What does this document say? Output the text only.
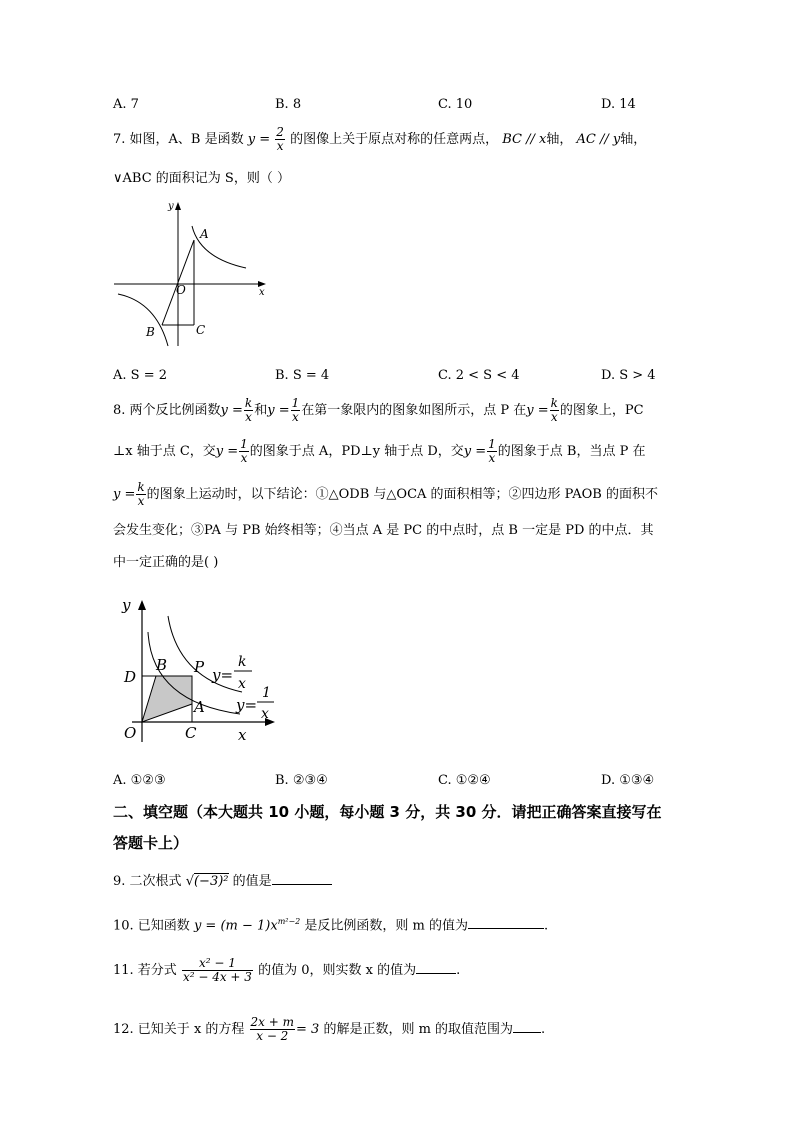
A. 7	B. 8	C. 10	D. 14
7. 如图，A、B 是函数 $y = \frac{2}{x}$ 的图像上关于原点对称的任意两点， BC // x轴， AC // y轴，
∨ABC 的面积记为 S，则（ ）
y
x
A
O
B	C
A. S = 2	B. S = 4	C. 2 < S < 4	D. S > 4
8. 两个反比例函数$y = \frac{k}{x}$ 和$y = \frac{1}{x}$ 在第一象限内的图象如图所示，点 P 在$y = \frac{k}{x}$ 的图象上，PC
⊥x 轴于点 C，交$y = \frac{1}{x}$ 的图象于点 A，PD⊥y 轴于点 D，交$y = \frac{1}{x}$ 的图象于点 B，当点 P 在
$y = \frac{k}{x}$ 的图象上运动时，以下结论：①△ODB 与△OCA 的面积相等；②四边形 PAOB 的面积不
会发生变化；③PA 与 PB 始终相等；④当点 A 是 PC 的中点时，点 B 一定是 PD 的中点．其
中一定正确的是( )
y
x
D
B P
A
O	C
y=
k
x
y=
1
x
A. ①②③	B. ②③④	C. ①②④	D. ①③④
二、填空题（本大题共 10 小题，每小题 3 分，共 30 分．请把正确答案直接写在
答题卡上）
9. 二次根式 √(−3)² 的值是
10. 已知函数 $y = (m - 1)x^{m^2-2}$ 是反比例函数，则 m 的值为	.
11. 若分式 $\frac{\text{x² − 1}}{\text{x² − 4x + 3}}$ 的值为 0，则实数 x 的值为	.
12. 已知关于 x 的方程 $\frac{2x + m}{x - 2} = 3$ 的解是正数，则 m 的取值范围为 .
